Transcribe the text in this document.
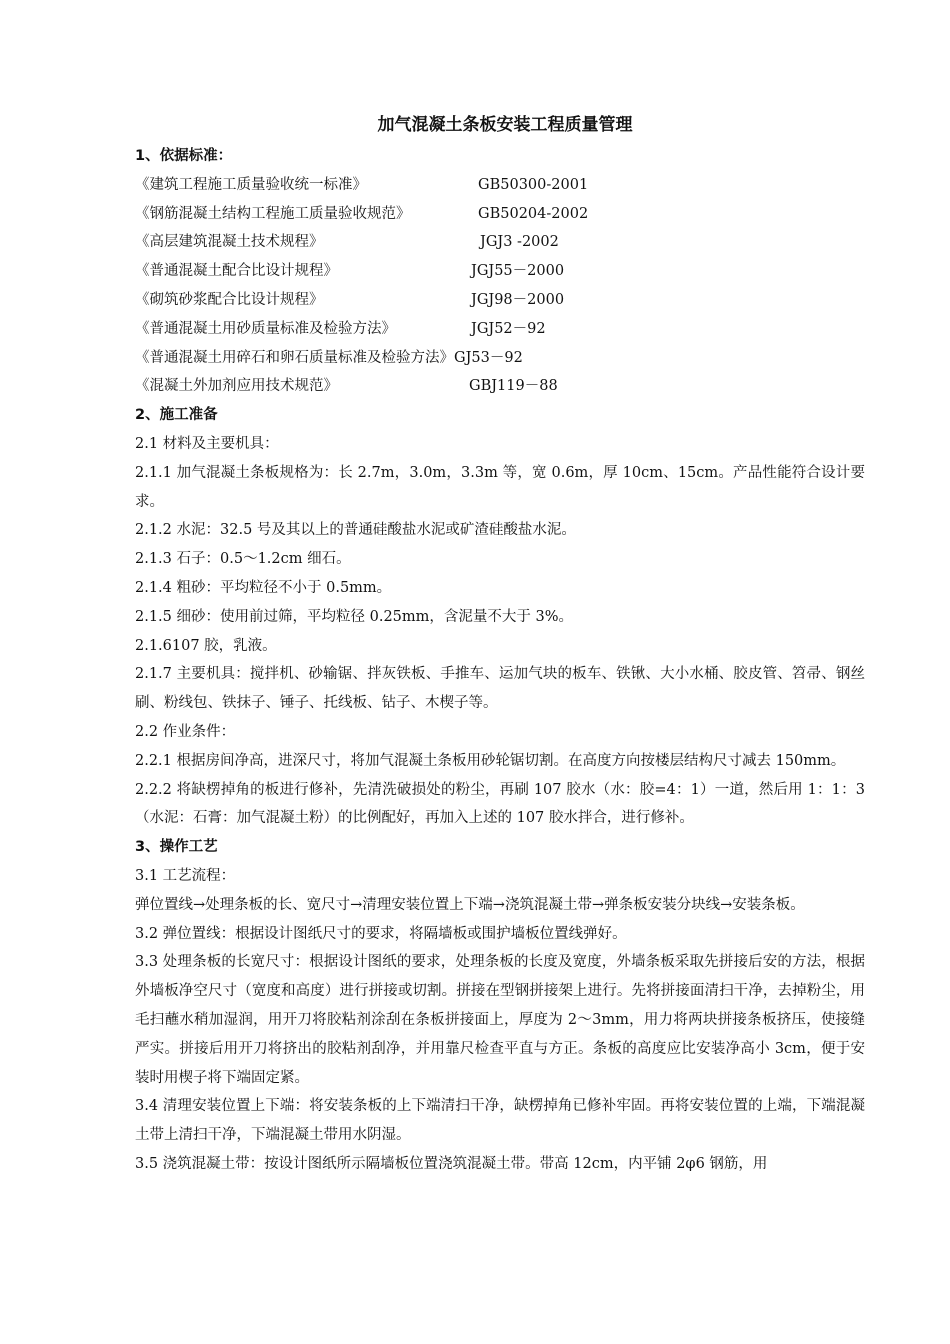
加气混凝土条板安装工程质量管理
1、依据标准：
《建筑工程施工质量验收统一标准》	GB50300-2001
《钢筋混凝土结构工程施工质量验收规范》	GB50204-2002
《高层建筑混凝土技术规程》	JGJ3 -2002
《普通混凝土配合比设计规程》	JGJ55－2000
《砌筑砂浆配合比设计规程》	JGJ98－2000
《普通混凝土用砂质量标准及检验方法》	JGJ52－92
《普通混凝土用碎石和卵石质量标准及检验方法》GJ53－92
《混凝土外加剂应用技术规范》	GBJ119－88
2、施工准备

2.1 材料及主要机具：

2.1.1 加气混凝土条板规格为：长 2.7m，3.0m，3.3m 等，宽 0.6m，厚 10cm、15cm。产品性能符合设计要求。

2.1.2 水泥：32.5 号及其以上的普通硅酸盐水泥或矿渣硅酸盐水泥。

2.1.3 石子：0.5～1.2cm 细石。

2.1.4 粗砂：平均粒径不小于 0.5mm。

2.1.5 细砂：使用前过筛，平均粒径 0.25mm，含泥量不大于 3%。

2.1.6107 胶，乳液。

2.1.7 主要机具：搅拌机、砂输锯、拌灰铁板、手推车、运加气块的板车、铁锹、大小水桶、胶皮管、笤帚、钢丝刷、粉线包、铁抹子、锤子、托线板、钻子、木楔子等。

2.2 作业条件：

2.2.1 根据房间净高，进深尺寸，将加气混凝土条板用砂轮锯切割。在高度方向按楼层结构尺寸减去 150mm。

2.2.2 将缺楞掉角的板进行修补，先清洗破损处的粉尘，再刷 107 胶水（水：胶=4：1）一道，然后用 1：1：3（水泥：石膏：加气混凝土粉）的比例配好，再加入上述的 107 胶水拌合，进行修补。

3、操作工艺

3.1 工艺流程：

弹位置线→处理条板的长、宽尺寸→清理安装位置上下端→浇筑混凝土带→弹条板安装分块线→安装条板。

3.2 弹位置线：根据设计图纸尺寸的要求，将隔墙板或围护墙板位置线弹好。

3.3 处理条板的长宽尺寸：根据设计图纸的要求，处理条板的长度及宽度，外墙条板采取先拼接后安的方法，根据外墙板净空尺寸（宽度和高度）进行拼接或切割。拼接在型钢拼接架上进行。先将拼接面清扫干净，去掉粉尘，用毛扫蘸水稍加湿润，用开刀将胶粘剂涂刮在条板拼接面上，厚度为 2～3mm，用力将两块拼接条板挤压，使接缝严实。拼接后用开刀将挤出的胶粘剂刮净，并用靠尺检查平直与方正。条板的高度应比安装净高小 3cm，便于安装时用楔子将下端固定紧。

3.4 清理安装位置上下端：将安装条板的上下端清扫干净，缺楞掉角已修补牢固。再将安装位置的上端，下端混凝土带上清扫干净，下端混凝土带用水阴湿。

3.5 浇筑混凝土带：按设计图纸所示隔墙板位置浇筑混凝土带。带高 12cm，内平铺 2φ6 钢筋，用
